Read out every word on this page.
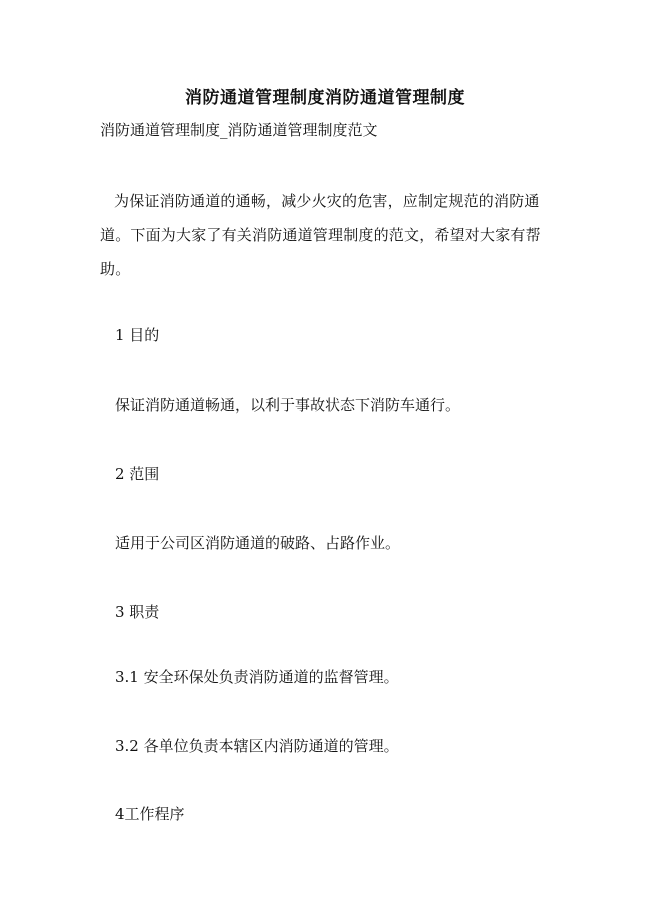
消防通道管理制度消防通道管理制度
消防通道管理制度_消防通道管理制度范文
为保证消防通道的通畅，减少火灾的危害，应制定规范的消防通道。下面为大家了有关消防通道管理制度的范文，希望对大家有帮助。
1 目的
保证消防通道畅通，以利于事故状态下消防车通行。
2 范围
适用于公司区消防通道的破路、占路作业。
3 职责
3.1 安全环保处负责消防通道的监督管理。
3.2 各单位负责本辖区内消防通道的管理。
4工作程序
